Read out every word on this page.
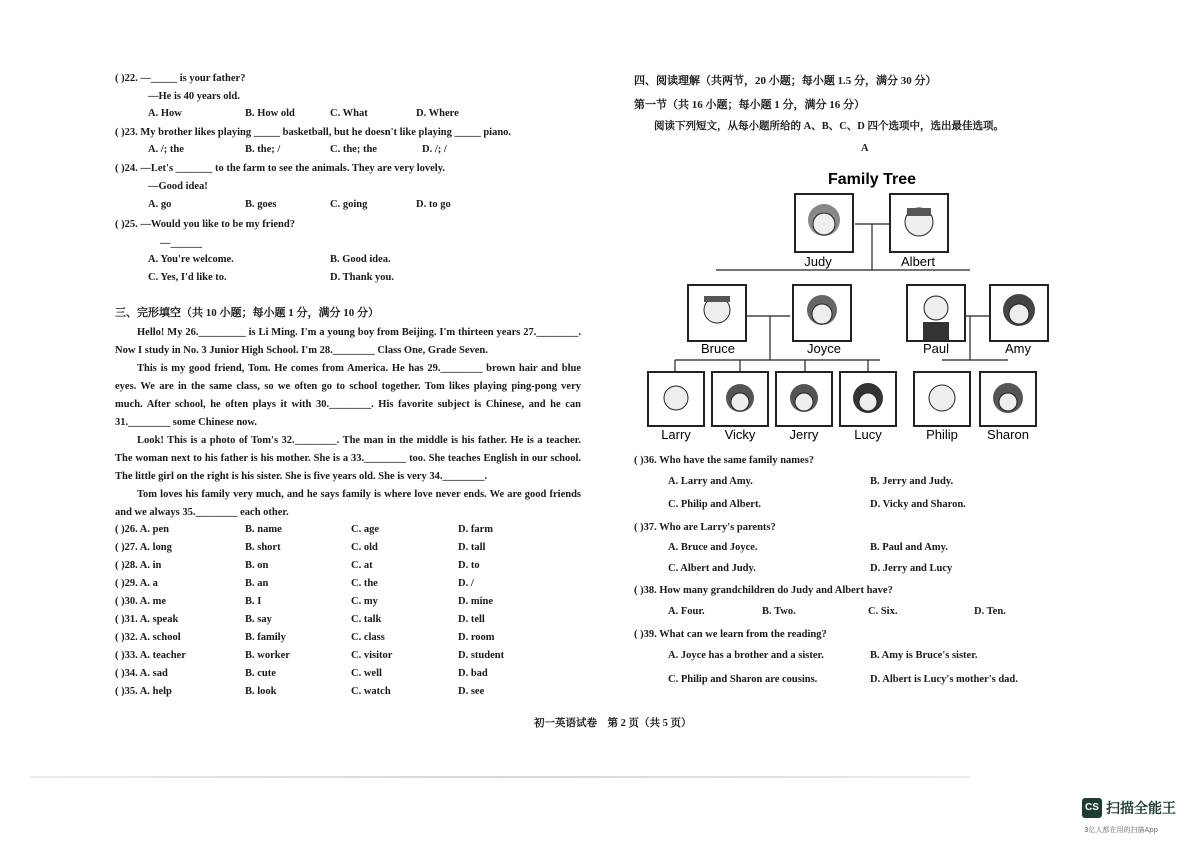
( )22. —_____ is your father?
—He is 40 years old.
A. How	B. How old	C. What	D. Where
( )23. My brother likes playing _____ basketball, but he doesn't like playing _____ piano.
A. /; the	B. the; /	C. the; the	D. /; /
( )24. —Let's _______ to the farm to see the animals. They are very lovely.
—Good idea!
A. go	B. goes	C. going	D. to go
( )25. —Would you like to be my friend?
—______
A. You're welcome.	B. Good idea.
C. Yes, I'd like to.	D. Thank you.
三、完形填空（共 10 小题；每小题 1 分，满分 10 分）
Hello! My 26._________ is Li Ming. I'm a young boy from Beijing. I'm thirteen years 27.________. Now I study in No. 3 Junior High School. I'm 28.________ Class One, Grade Seven.
This is my good friend, Tom. He comes from America. He has 29.________ brown hair and blue eyes. We are in the same class, so we often go to school together. Tom likes playing ping-pong very much. After school, he often plays it with 30.________. His favorite subject is Chinese, and he can 31.________ some Chinese now.
Look! This is a photo of Tom's 32.________. The man in the middle is his father. He is a teacher. The woman next to his father is his mother. She is a 33.________ too. She teaches English in our school. The little girl on the right is his sister. She is five years old. She is very 34.________.
Tom loves his family very much, and he says family is where love never ends. We are good friends and we always 35.________ each other.
( )26. A. pen	B. name	C. age	D. farm
( )27. A. long	B. short	C. old	D. tall
( )28. A. in	B. on	C. at	D. to
( )29. A. a	B. an	C. the	D. /
( )30. A. me	B. I	C. my	D. mine
( )31. A. speak	B. say	C. talk	D. tell
( )32. A. school	B. family	C. class	D. room
( )33. A. teacher	B. worker	C. visitor	D. student
( )34. A. sad	B. cute	C. well	D. bad
( )35. A. help	B. look	C. watch	D. see
四、阅读理解（共两节，20 小题；每小题 1.5 分，满分 30 分）
第一节（共 16 小题；每小题 1 分，满分 16 分）
阅读下列短文，从每小题所给的 A、B、C、D 四个选项中，选出最佳选项。
A
Family Tree
Judy	Albert
Bruce	Joyce	Paul	Amy
Larry	Vicky	Jerry	Lucy	Philip Sharon
( )36. Who have the same family names?
A. Larry and Amy.	B. Jerry and Judy.
C. Philip and Albert.	D. Vicky and Sharon.
( )37. Who are Larry's parents?
A. Bruce and Joyce.	B. Paul and Amy.
C. Albert and Judy.	D. Jerry and Lucy
( )38. How many grandchildren do Judy and Albert have?
A. Four.	B. Two.	C. Six.	D. Ten.
( )39. What can we learn from the reading?
A. Joyce has a brother and a sister.	B. Amy is Bruce's sister.
C. Philip and Sharon are cousins.	D. Albert is Lucy's mother's dad.
初一英语试卷　第 2 页（共 5 页）
CS 扫描全能王
3亿人都在用的扫描App
